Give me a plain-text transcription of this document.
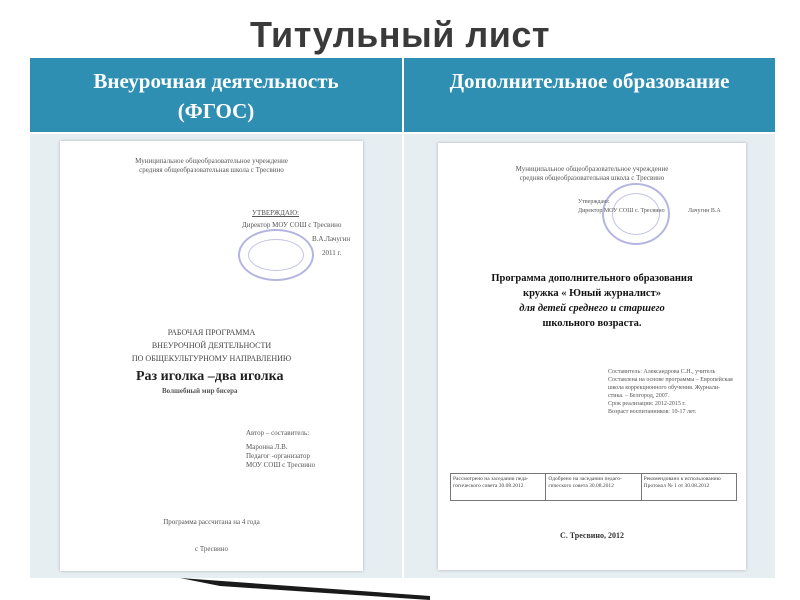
Титульный лист
Внеурочная деятельность
(ФГОС)
Дополнительное образование
Муниципальное общеобразовательное учреждение
средняя общеобразовательная школа с Тресвино
УТВЕРЖДАЮ:
Директор МОУ СОШ с Тресвино
В.А.Лачугин
2011 г.
РАБОЧАЯ ПРОГРАММА
ВНЕУРОЧНОЙ ДЕЯТЕЛЬНОСТИ
ПО ОБЩЕКУЛЬТУРНОМУ НАПРАВЛЕНИЮ
Раз иголка –два иголка
Волшебный мир бисера
Автор – составитель:
Маронна Л.В.
Педагог -организатор
МОУ СОШ с Тресвино
Программа рассчитана на 4 года
с Тресвино
Муниципальное общеобразовательное учреждение
средняя общеобразовательная школа с Тресвино
Утверждаю:
Директор МОУ СОШ с. Тресвино	Лачугин В.А
Программа дополнительного образования
кружка « Юный журналист»
для детей среднего и старшего
школьного возраста.
Составитель: Александрова С.Н., учитель
Составлена на основе программы – Европейская
школа коррекционного обучения. Журнали-
стика. – Белгород, 2007.
Срок реализации: 2012-2015 г.
Возраст воспитанников: 10-17 лет.
Рассмотрено на заседании педа-гогического совета 30.08.2012
Одобрено на заседании педаго-гического совета 30.08.2012
Рекомендовано к использованию Протокол № 1 от 30.08.2012
С. Тресвино, 2012
